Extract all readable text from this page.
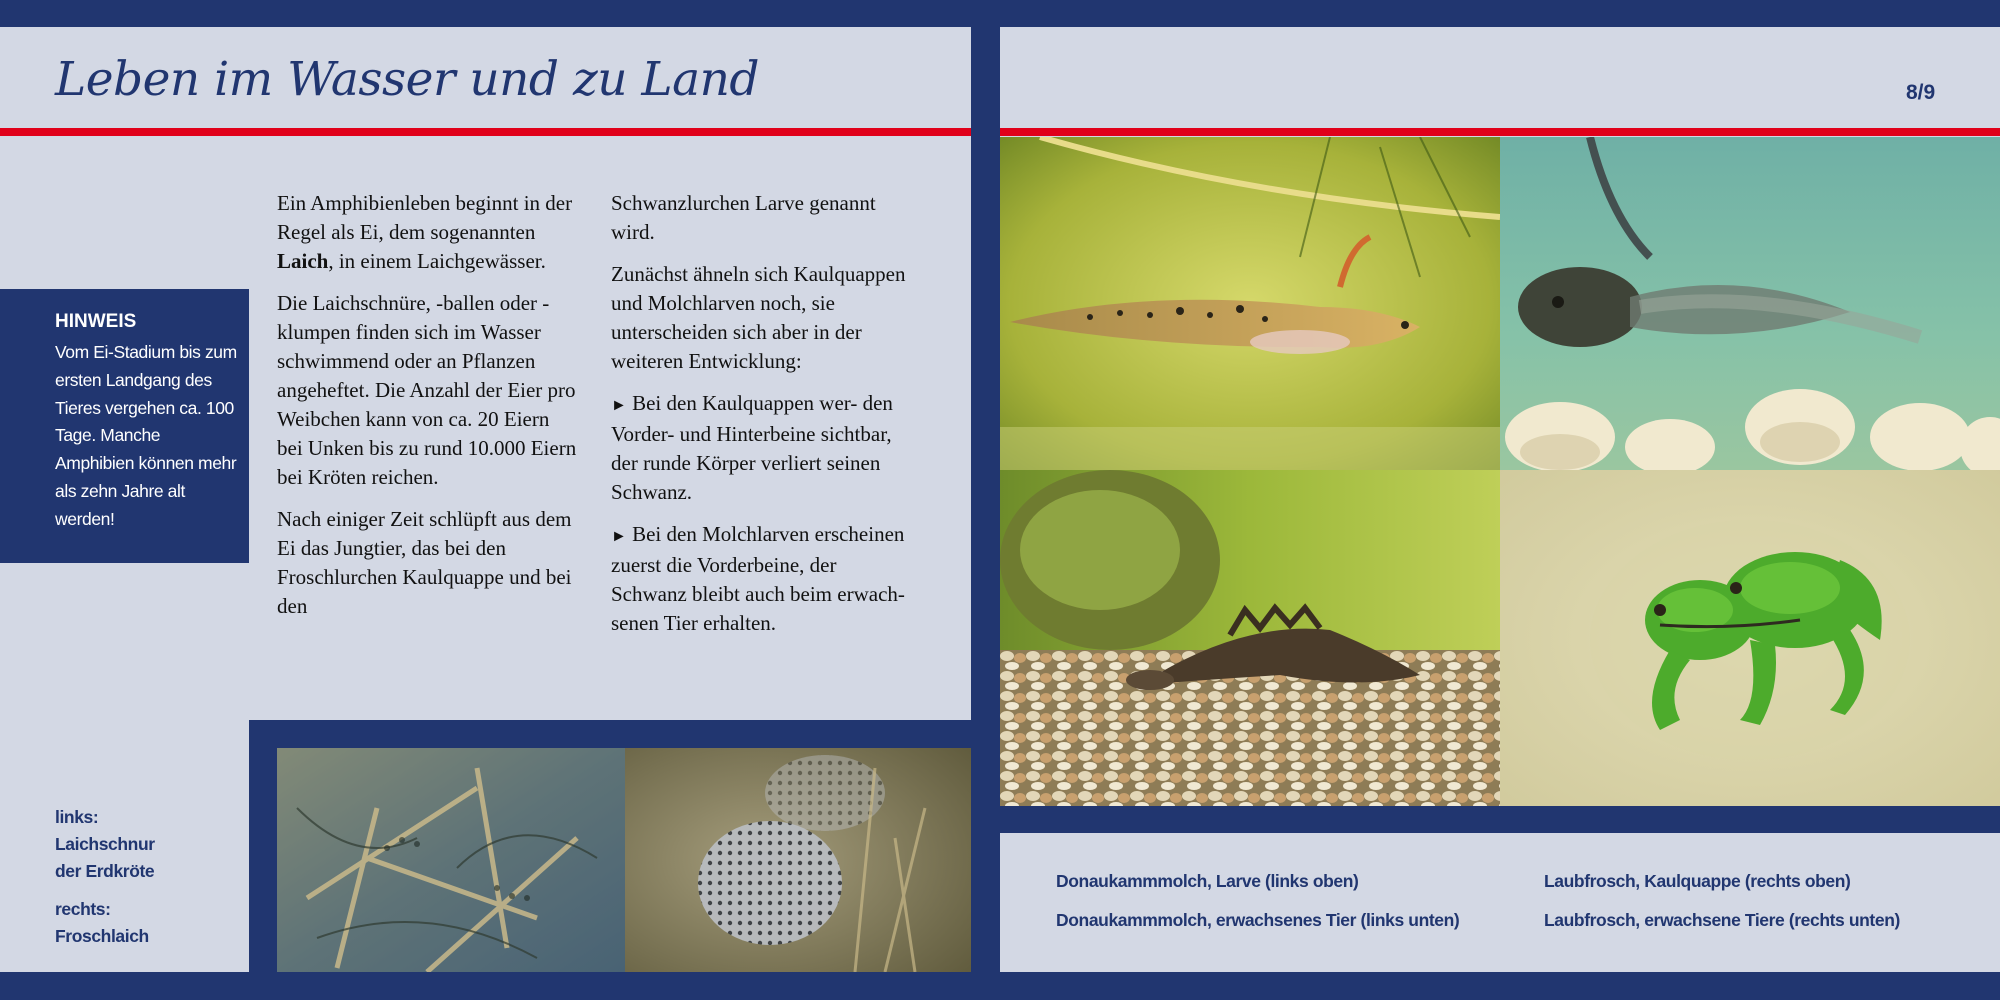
Leben im Wasser und zu Land	8/9
HINWEIS
Vom Ei-Stadium bis zum ersten Landgang des Tieres vergehen ca. 100 Tage. Manche Amphibien können mehr als zehn Jahre alt werden!

Ein Amphibienleben beginnt in der Regel als Ei, dem sogenannten Laich, in einem Laichgewässer.

Die Laichschnüre, -ballen oder -klumpen finden sich im Wasser schwimmend oder an Pflanzen angeheftet. Die Anzahl der Eier pro Weibchen kann von ca. 20 Eiern bei Unken bis zu rund 10.000 Eiern bei Kröten reichen.

Nach einiger Zeit schlüpft aus dem Ei das Jungtier, das bei den Froschlurchen Kaulquappe und bei den

Schwanzlurchen Larve genannt wird.

Zunächst ähneln sich Kaulquappen und Molchlarven noch, sie unterscheiden sich aber in der weiteren Entwicklung:

► Bei den Kaulquappen wer- den Vorder- und Hinterbeine sichtbar, der runde Körper verliert seinen Schwanz.

► Bei den Molchlarven erscheinen zuerst die Vorderbeine, der Schwanz bleibt auch beim erwach- senen Tier erhalten.

links:
Laichschnur
der Erdkröte
rechts:
Froschlaich
Donaukammmolch, Larve (links oben)
Donaukammmolch, erwachsenes Tier (links unten)
Laubfrosch, Kaulquappe (rechts oben)
Laubfrosch, erwachsene Tiere (rechts unten)
